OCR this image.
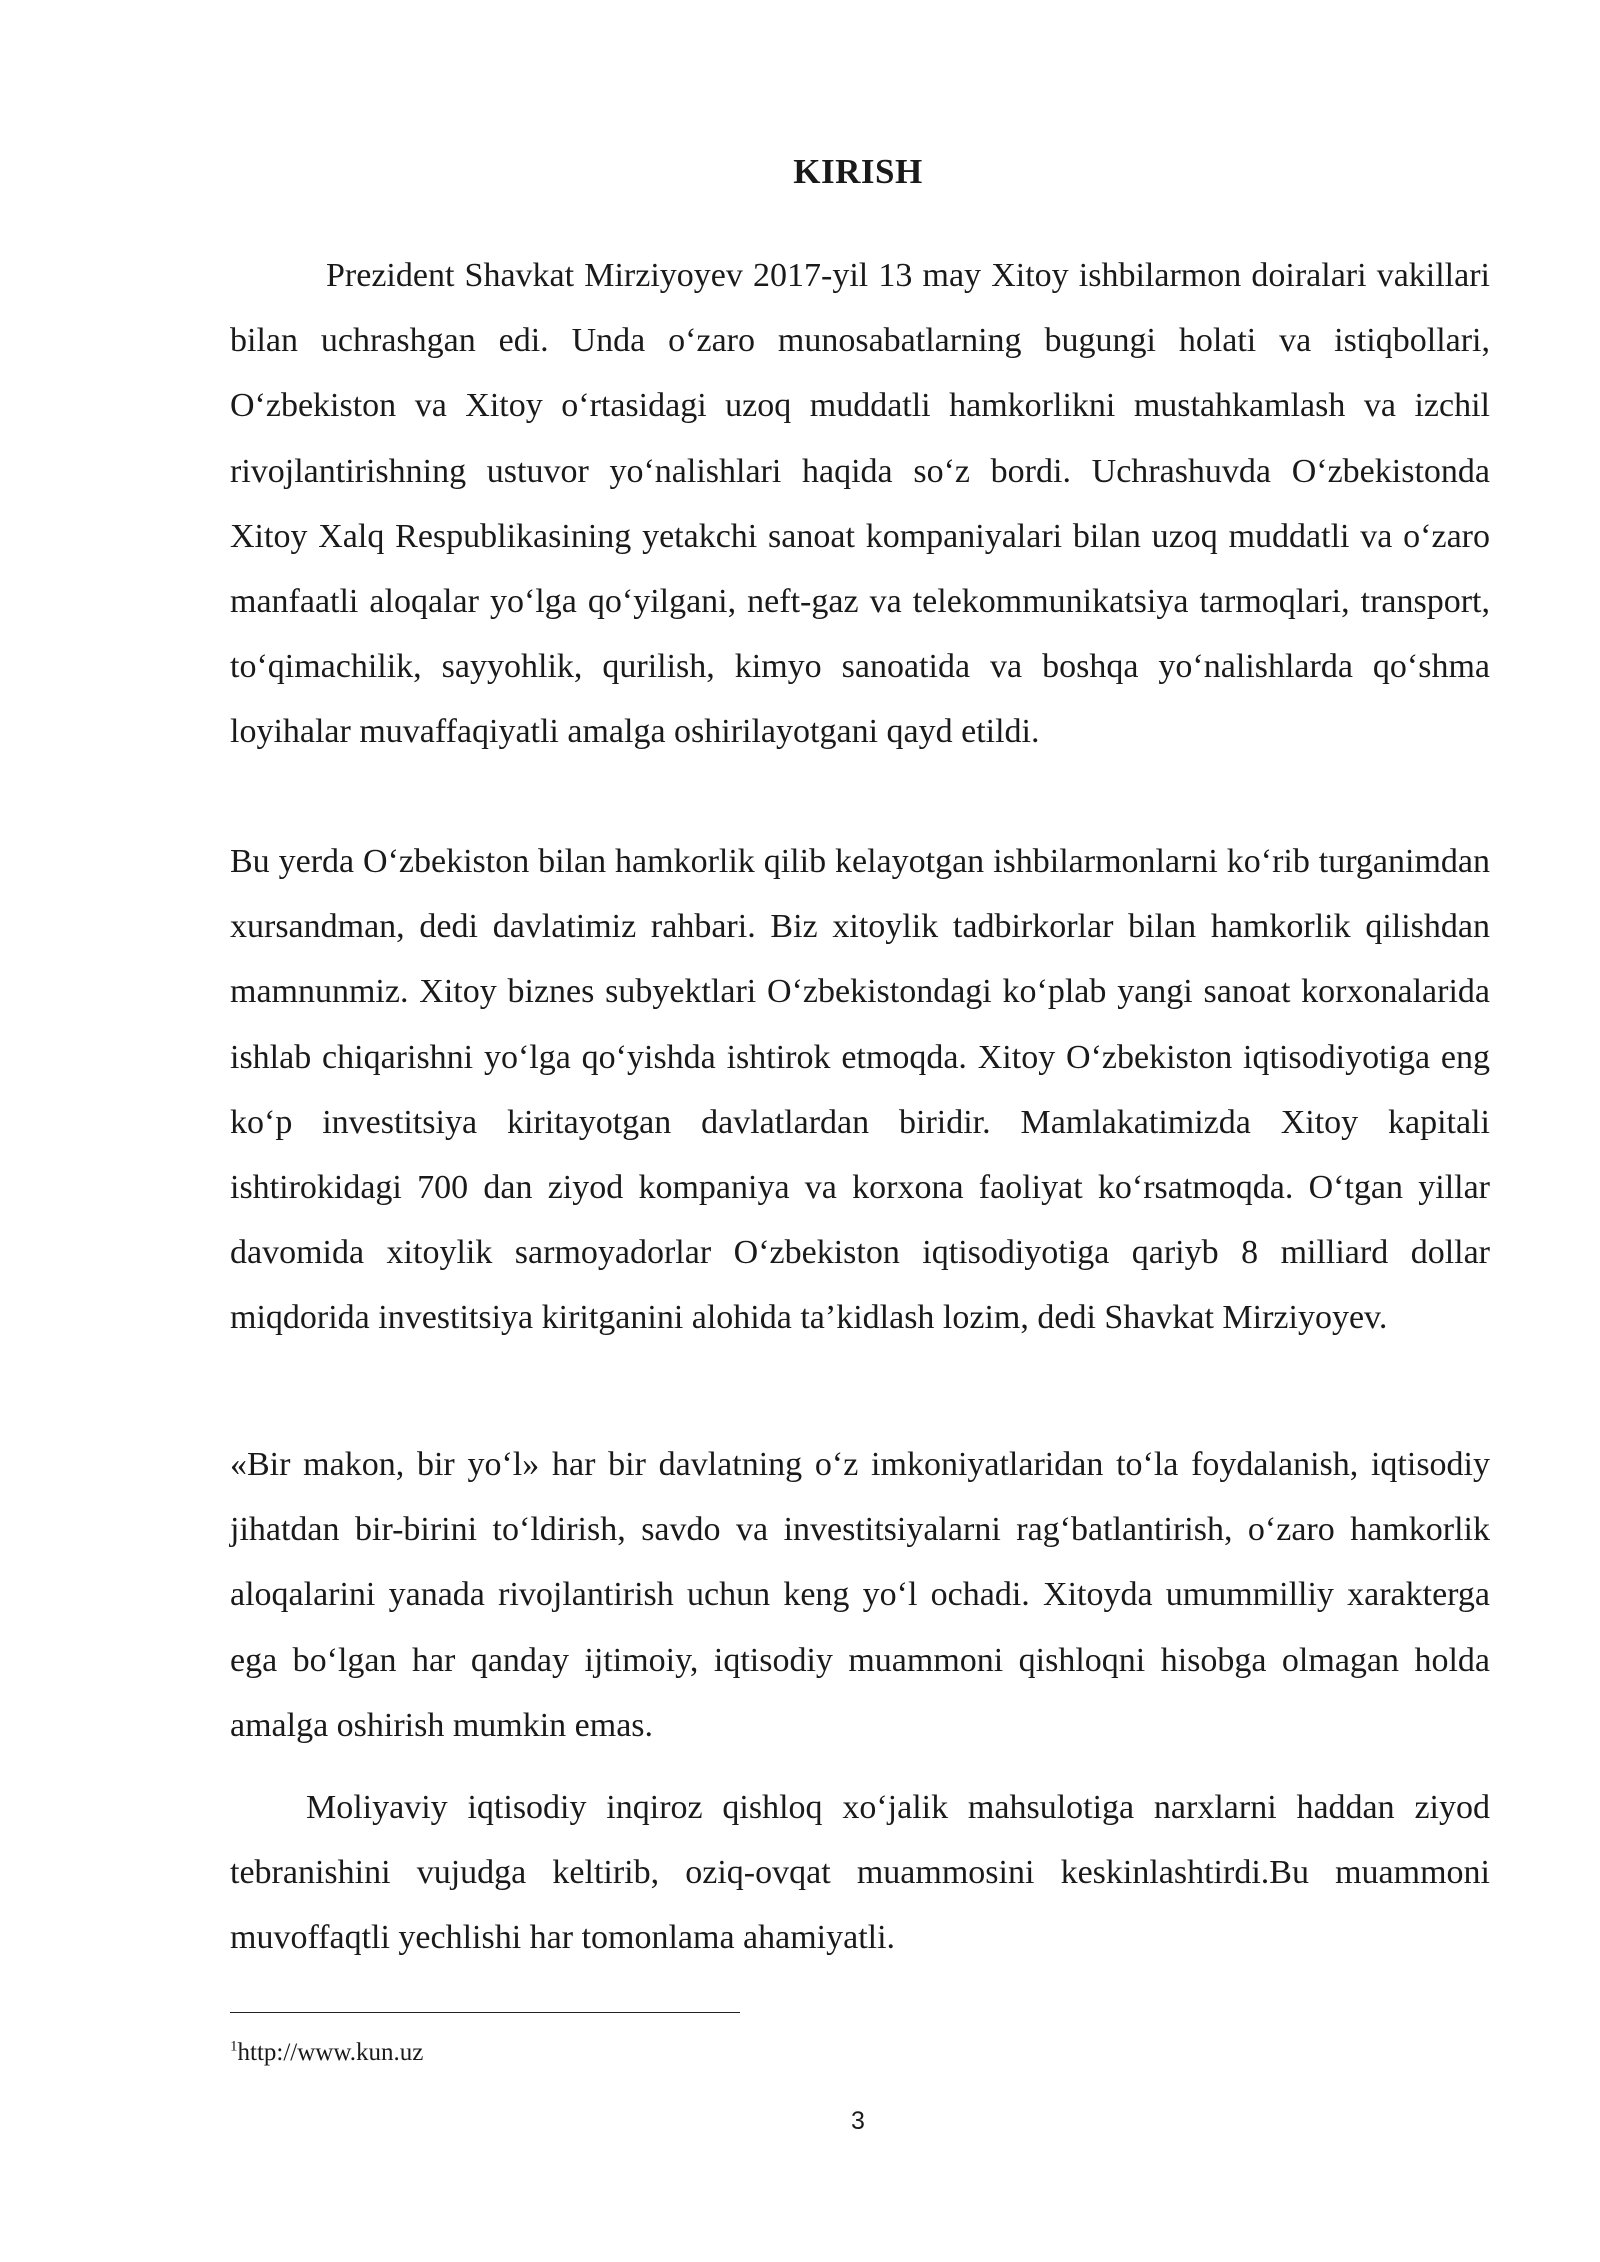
KIRISH
Prezident Shavkat Mirziyoyev 2017-yil 13 may Xitoy ishbilarmon doiralari vakillari bilan uchrashgan edi. Unda o‘zaro munosabatlarning bugungi holati va istiqbollari, O‘zbekiston va Xitoy o‘rtasidagi uzoq muddatli hamkorlikni mustahkamlash va izchil rivojlantirishning ustuvor yo‘nalishlari haqida so‘z bordi. Uchrashuvda O‘zbekistonda Xitoy Xalq Respublikasining yetakchi sanoat kompaniyalari bilan uzoq muddatli va o‘zaro manfaatli aloqalar yo‘lga qo‘yilgani, neft-gaz va telekommunikatsiya tarmoqlari, transport, to‘qimachilik, sayyohlik, qurilish, kimyo sanoatida va boshqa yo‘nalishlarda qo‘shma loyihalar muvaffaqiyatli amalga oshirilayotgani qayd etildi.
Bu yerda O‘zbekiston bilan hamkorlik qilib kelayotgan ishbilarmonlarni ko‘rib turganimdan xursandman, dedi davlatimiz rahbari. Biz xitoylik tadbirkorlar bilan hamkorlik qilishdan mamnunmiz. Xitoy biznes subyektlari O‘zbekistondagi ko‘plab yangi sanoat korxonalarida ishlab chiqarishni yo‘lga qo‘yishda ishtirok etmoqda. Xitoy O‘zbekiston iqtisodiyotiga eng ko‘p investitsiya kiritayotgan davlatlardan biridir. Mamlakatimizda Xitoy kapitali ishtirokidagi 700 dan ziyod kompaniya va korxona faoliyat ko‘rsatmoqda. O‘tgan yillar davomida xitoylik sarmoyadorlar O‘zbekiston iqtisodiyotiga qariyb 8 milliard dollar miqdorida investitsiya kiritganini alohida ta’kidlash lozim, dedi Shavkat Mirziyoyev.
«Bir makon, bir yo‘l» har bir davlatning o‘z imkoniyatlaridan to‘la foydalanish, iqtisodiy jihatdan bir-birini to‘ldirish, savdo va investitsiyalarni rag‘batlantirish, o‘zaro hamkorlik aloqalarini yanada rivojlantirish uchun keng yo‘l ochadi. Xitoyda umummilliy xarakterga ega bo‘lgan har qanday ijtimoiy, iqtisodiy muammoni qishloqni hisobga olmagan holda amalga oshirish mumkin emas.
Moliyaviy iqtisodiy inqiroz qishloq xo‘jalik mahsulotiga narxlarni haddan ziyod tebranishini vujudga keltirib, oziq-ovqat muammosini keskinlashtirdi.Bu muammoni muvoffaqtli yechlishi har tomonlama ahamiyatli.
$^1$http://www.kun.uz
3
